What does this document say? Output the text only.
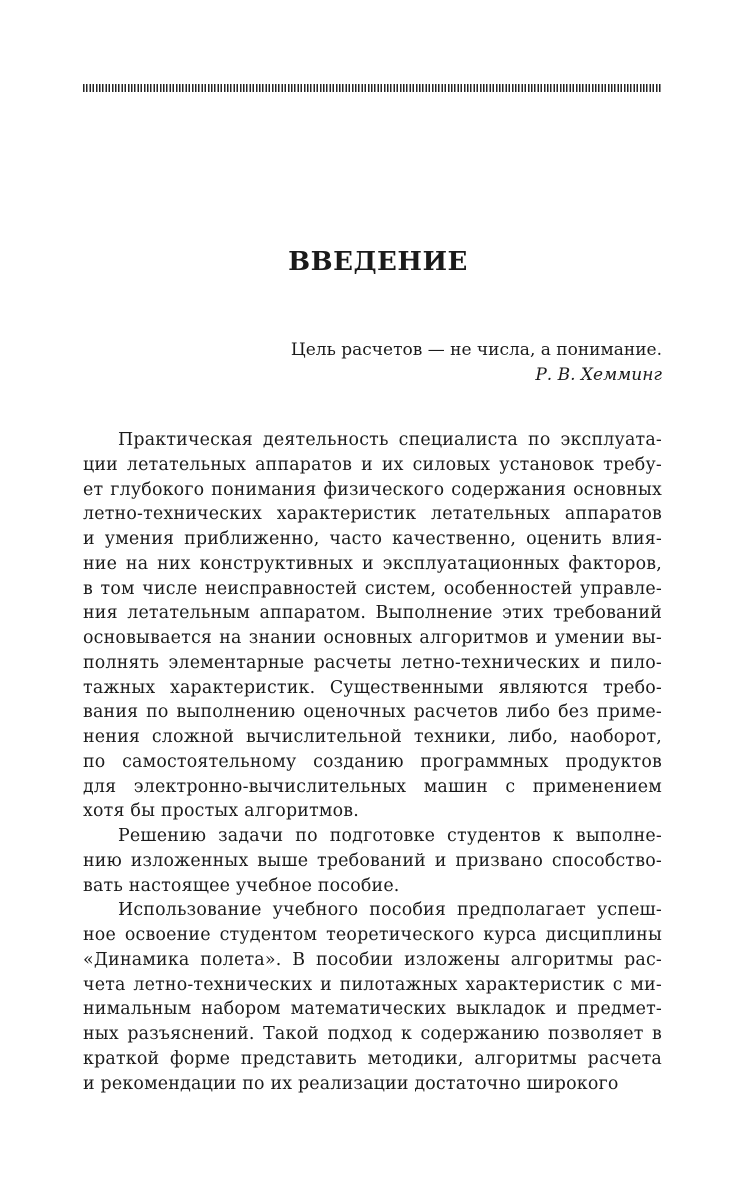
ВВЕДЕНИЕ
Цель расчетов — не числа, а понимание.
Р. В. Хемминг
Практическая деятельность специалиста по эксплуата-
ции летательных аппаратов и их силовых установок требу-
ет глубокого понимания физического содержания основных
летно-технических характеристик летательных аппаратов
и умения приближенно, часто качественно, оценить влия-
ние на них конструктивных и эксплуатационных факторов,
в том числе неисправностей систем, особенностей управле-
ния летательным аппаратом. Выполнение этих требований
основывается на знании основных алгоритмов и умении вы-
полнять элементарные расчеты летно-технических и пило-
тажных характеристик. Существенными являются требо-
вания по выполнению оценочных расчетов либо без приме-
нения сложной вычислительной техники, либо, наоборот,
по самостоятельному созданию программных продуктов
для электронно-вычислительных машин с применением
хотя бы простых алгоритмов.
Решению задачи по подготовке студентов к выполне-
нию изложенных выше требований и призвано способство-
вать настоящее учебное пособие.
Использование учебного пособия предполагает успеш-
ное освоение студентом теоретического курса дисциплины
«Динамика полета». В пособии изложены алгоритмы рас-
чета летно-технических и пилотажных характеристик с ми-
нимальным набором математических выкладок и предмет-
ных разъяснений. Такой подход к содержанию позволяет в
краткой форме представить методики, алгоритмы расчета
и рекомендации по их реализации достаточно широкого
